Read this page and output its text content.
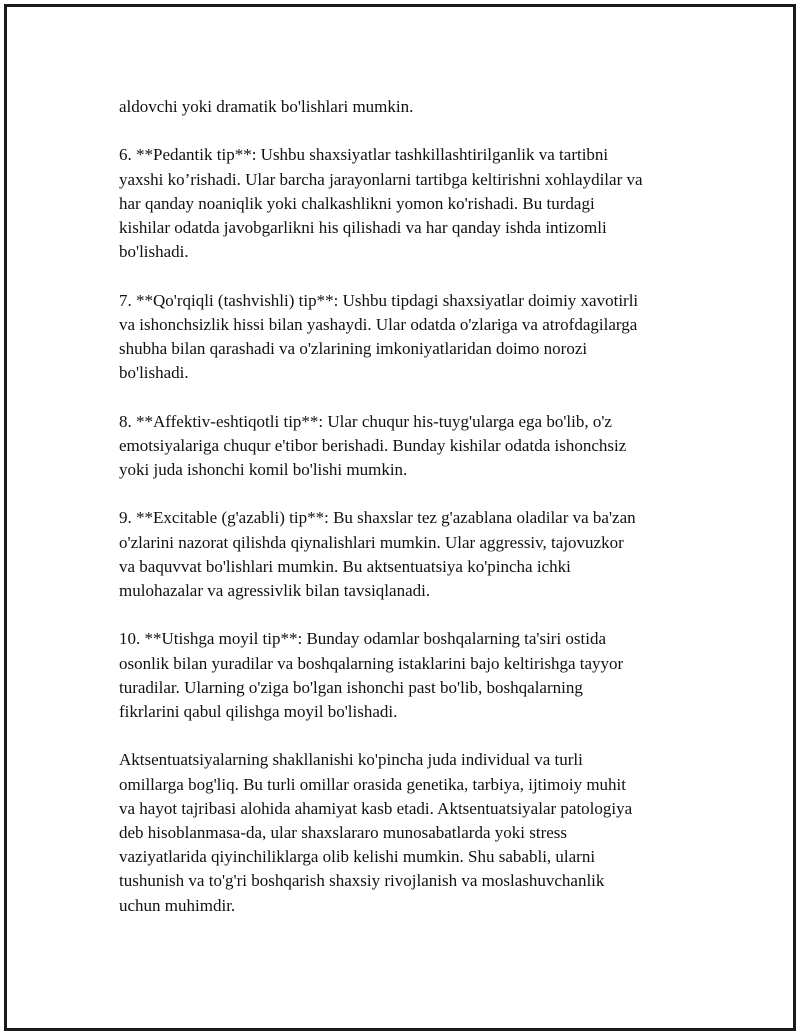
aldovchi yoki dramatik bo'lishlari mumkin.

6. **Pedantik tip**: Ushbu shaxsiyatlar tashkillashtirilganlik va tartibni
yaxshi ko’rishadi. Ular barcha jarayonlarni tartibga keltirishni xohlaydilar va
har qanday noaniqlik yoki chalkashlikni yomon ko'rishadi. Bu turdagi
kishilar odatda javobgarlikni his qilishadi va har qanday ishda intizomli
bo'lishadi.

7. **Qo'rqiqli (tashvishli) tip**: Ushbu tipdagi shaxsiyatlar doimiy xavotirli
va ishonchsizlik hissi bilan yashaydi. Ular odatda o'zlariga va atrofdagilarga
shubha bilan qarashadi va o'zlarining imkoniyatlaridan doimo norozi
bo'lishadi.

8. **Affektiv-eshtiqotli tip**: Ular chuqur his-tuyg'ularga ega bo'lib, o'z
emotsiyalariga chuqur e'tibor berishadi. Bunday kishilar odatda ishonchsiz
yoki juda ishonchi komil bo'lishi mumkin.

9. **Excitable (g'azabli) tip**: Bu shaxslar tez g'azablana oladilar va ba'zan
o'zlarini nazorat qilishda qiynalishlari mumkin. Ular aggressiv, tajovuzkor
va baquvvat bo'lishlari mumkin. Bu aktsentuatsiya ko'pincha ichki
mulohazalar va agressivlik bilan tavsiqlanadi.

10. **Utishga moyil tip**: Bunday odamlar boshqalarning ta'siri ostida
osonlik bilan yuradilar va boshqalarning istaklarini bajo keltirishga tayyor
turadilar. Ularning o'ziga bo'lgan ishonchi past bo'lib, boshqalarning
fikrlarini qabul qilishga moyil bo'lishadi.

Aktsentuatsiyalarning shakllanishi ko'pincha juda individual va turli
omillarga bog'liq. Bu turli omillar orasida genetika, tarbiya, ijtimoiy muhit
va hayot tajribasi alohida ahamiyat kasb etadi. Aktsentuatsiyalar patologiya
deb hisoblanmasa-da, ular shaxslararo munosabatlarda yoki stress
vaziyatlarida qiyinchiliklarga olib kelishi mumkin. Shu sababli, ularni
tushunish va to'g'ri boshqarish shaxsiy rivojlanish va moslashuvchanlik
uchun muhimdir.
